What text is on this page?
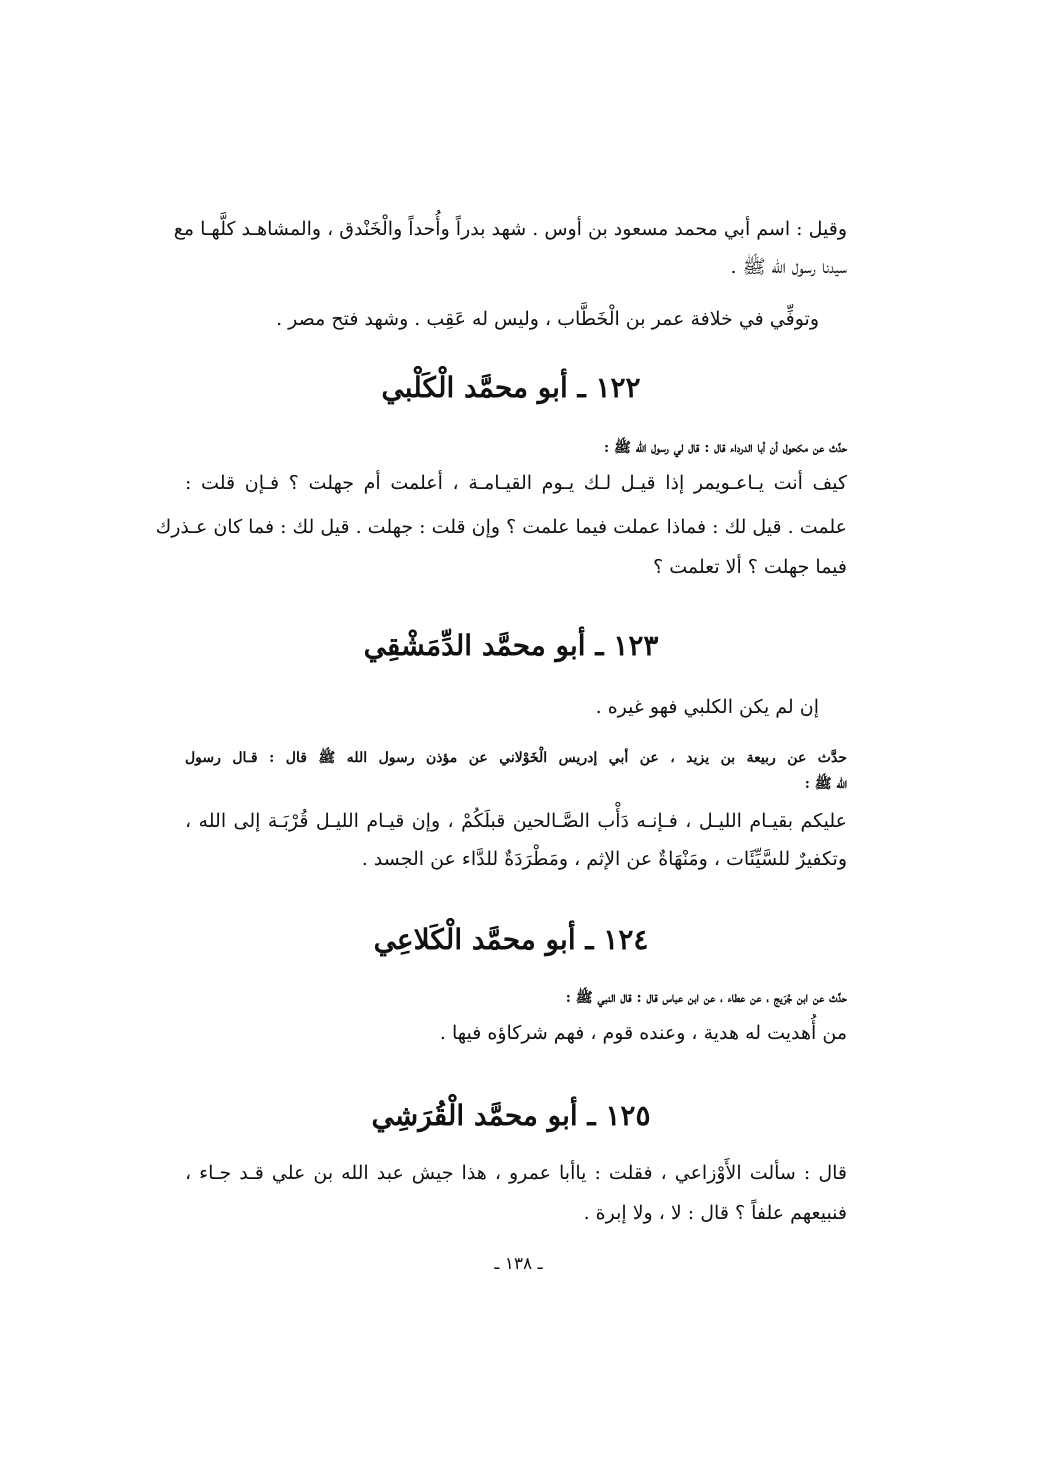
وقيل : اسم أبي محمد مسعود بن أوس . شهد بدراً وأُحداً والْخَنْدق ، والمشاهـد كلَّهـا مع
سيدنا رسول الله ﷺ .
وتوفِّي في خلافة عمر بن الْخَطَّاب ، وليس له عَقِب . وشهد فتح مصر .
١٢٢ ـ أبو محمَّد الْكَلْبي
حدَّث عن مكحول أن أبا الدرداء قال : قال لي رسول الله ﷺ :
كيف أنت يـاعـويمر إذا قيـل لـك يـوم القيـامـة ، أعلمت أم جهلت ؟ فـإن قلت :
علمت . قيل لك : فماذا عملت فيما علمت ؟ وإن قلت : جهلت . قيل لك : فما كان عـذرك
فيما جهلت ؟ ألا تعلمت ؟
١٢٣ ـ أبو محمَّد الدِّمَشْقِي
إن لم يكن الكلبي فهو غيره .
حدَّث عن ربيعة بن يزيد ، عن أبي إدريس الْخَوْلاني عن مؤذن رسول الله ﷺ قال : قـال رسول
الله ﷺ :
عليكم بقيـام الليـل ، فـإنـه دَأْب الصَّـالحين قبلَكُمْ ، وإن قيـام الليـل قُرْبَـة إلى الله ،
وتكفيرٌ للسَّيِّئَات ، ومَنْهَاةٌ عن الإثم ، ومَطْرَدَةٌ للدَّاء عن الجسد .
١٢٤ ـ أبو محمَّد الْكَلاعِي
حدَّث عن ابن جُرَيج ، عن عطاء ، عن ابن عباس قال : قال النبي ﷺ :
من أُهديت له هدية ، وعنده قوم ، فهم شركاؤه فيها .
١٢٥ ـ أبو محمَّد الْقُرَشِي
قال : سألت الأَوْزاعي ، فقلت : ياأبا عمرو ، هذا جيش عبد الله بن علي قـد جـاء ،
فنبيعهم علفاً ؟ قال : لا ، ولا إبرة .
ـ ١٣٨ ـ
